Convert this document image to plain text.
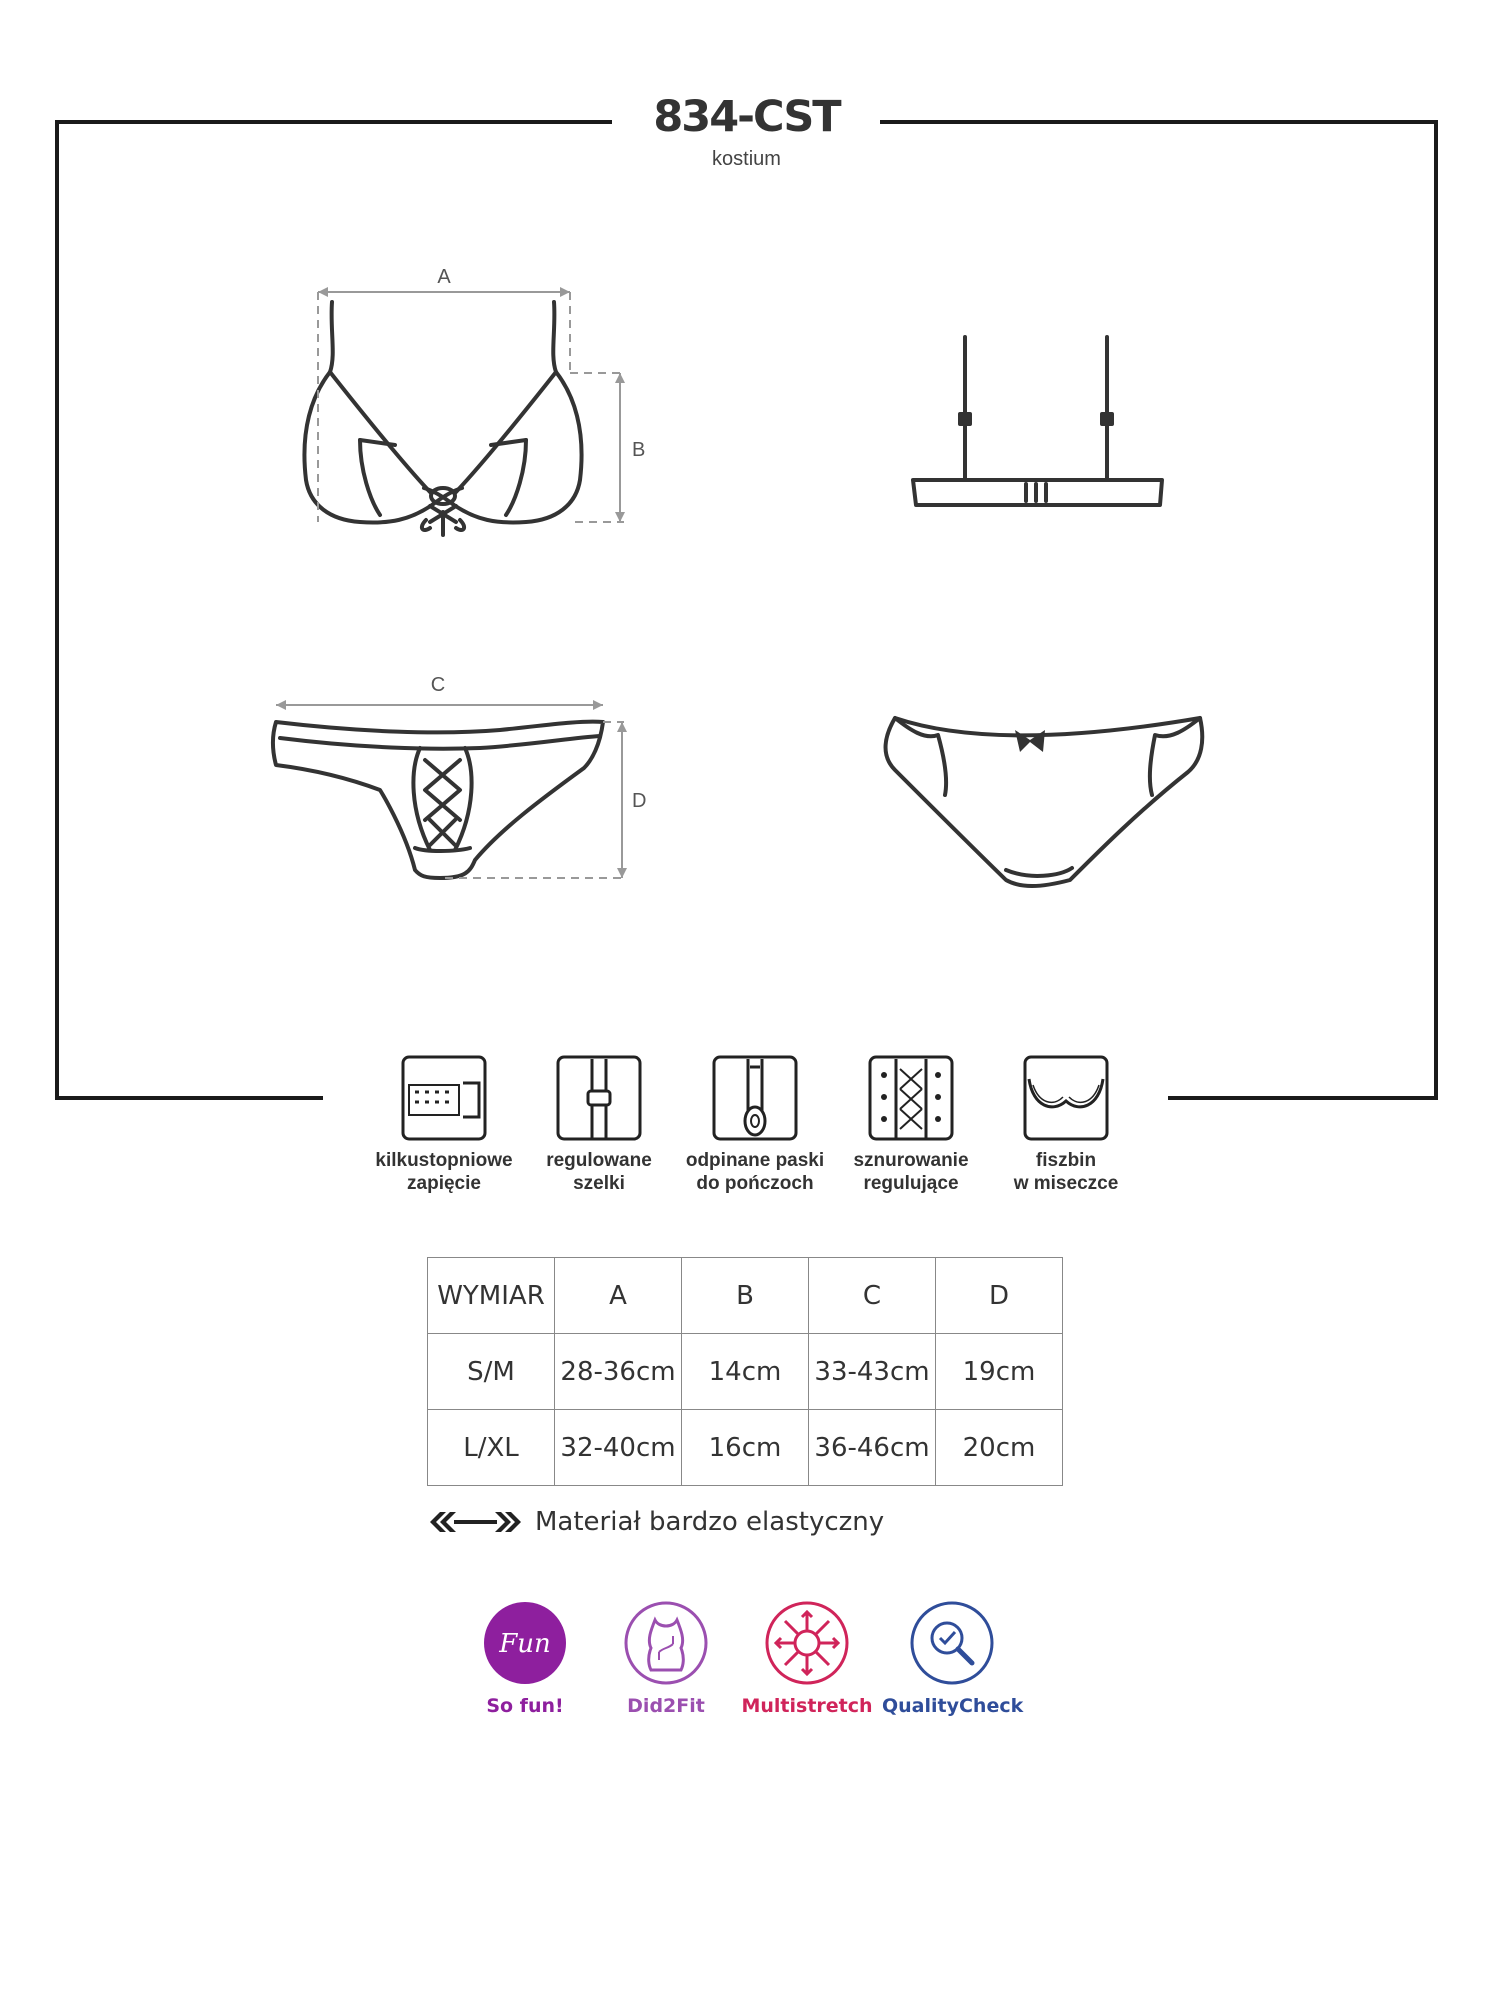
834-CST
kostium
A
B
C
D
kilkustopniowe
zapięcie
regulowane
szelki
odpinane paski
do pończoch
sznurowanie
regulujące
fiszbin
w miseczce
WYMIAR	A	B	C	D
S/M	28-36cm	14cm	33-43cm	19cm
L/XL	32-40cm	16cm	36-46cm	20cm
Materiał bardzo elastyczny
Fun
So fun!	Did2Fit	Multistretch QualityCheck
